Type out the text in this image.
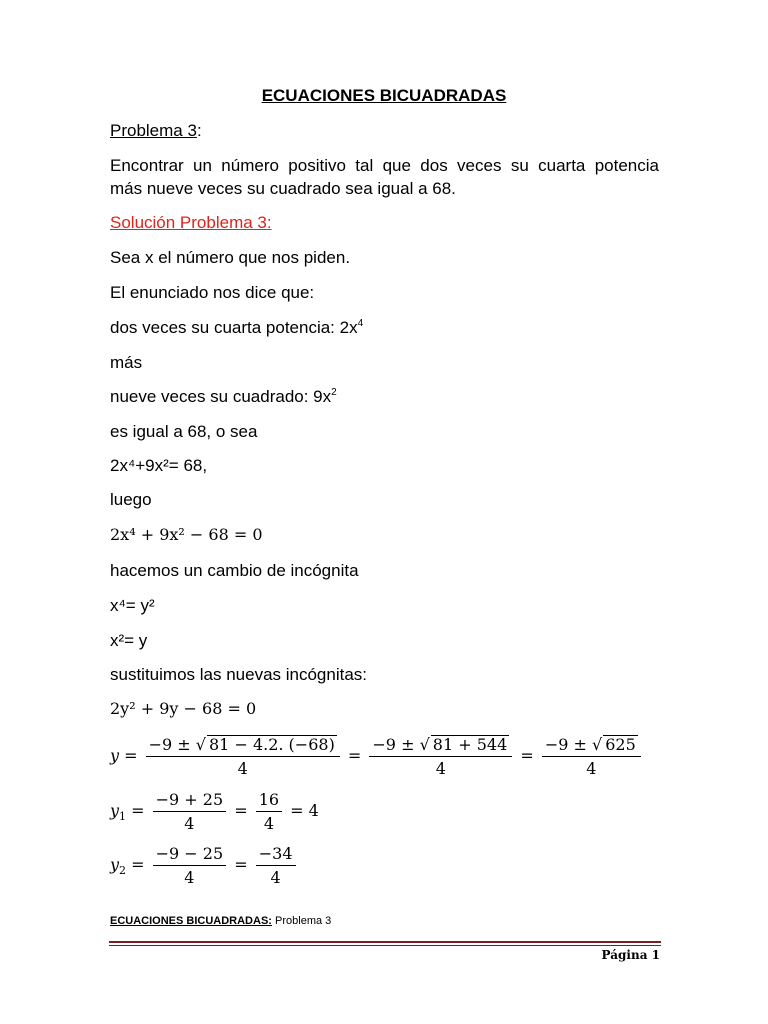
ECUACIONES BICUADRADAS
Problema 3:
Encontrar un número positivo tal que dos veces su cuarta potencia
más nueve veces su cuadrado sea igual a 68.
Solución Problema 3:
Sea x el número que nos piden.
El enunciado nos dice que:
dos veces su cuarta potencia: $2x^4$
más
nueve veces su cuadrado: $9x^2$
es igual a 68, o sea
2x⁴+9x²= 68,
luego
2x⁴ + 9x² − 68 = 0
hacemos un cambio de incógnita
x⁴= y²
x²= y
sustituimos las nuevas incógnitas:
2y² + 9y − 68 = 0
$y = \frac{-9 \pm √ 81 - 4.2. (-68)}{4} = \frac{-9 \pm √ 81 + 544}{4} = \frac{-9 \pm √ 625}{4}$
$y_1 = \frac{-9 + 25}{4} = \frac{16}{4} = 4$
$y_2 = \frac{-9 - 25}{4} = \frac{-34}{4}$
ECUACIONES BICUADRADAS: Problema 3
Página 1
